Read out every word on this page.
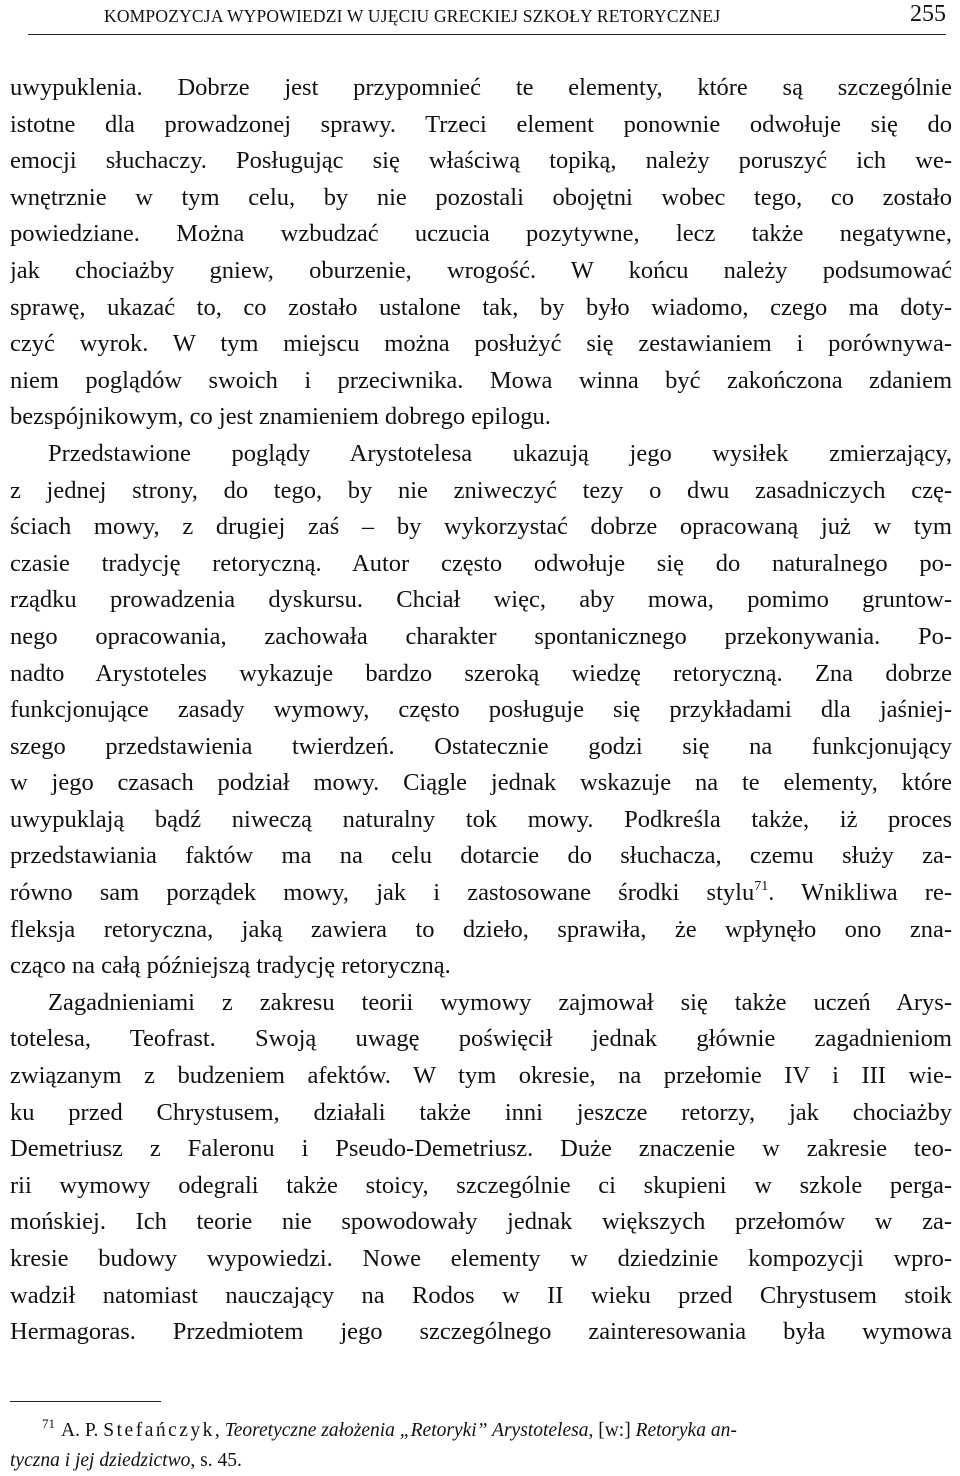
KOMPOZYCJA WYPOWIEDZI W UJĘCIU GRECKIEJ SZKOŁY RETORYCZNEJ	255
uwypuklenia. Dobrze jest przypomnieć te elementy, które są szczególnie
istotne dla prowadzonej sprawy. Trzeci element ponownie odwołuje się do
emocji słuchaczy. Posługując się właściwą topiką, należy poruszyć ich we-
wnętrznie w tym celu, by nie pozostali obojętni wobec tego, co zostało
powiedziane. Można wzbudzać uczucia pozytywne, lecz także negatywne,
jak chociażby gniew, oburzenie, wrogość. W końcu należy podsumować
sprawę, ukazać to, co zostało ustalone tak, by było wiadomo, czego ma doty-
czyć wyrok. W tym miejscu można posłużyć się zestawianiem i porównywa-
niem poglądów swoich i przeciwnika. Mowa winna być zakończona zdaniem
bezspójnikowym, co jest znamieniem dobrego epilogu.
Przedstawione poglądy Arystotelesa ukazują jego wysiłek zmierzający,
z jednej strony, do tego, by nie zniweczyć tezy o dwu zasadniczych czę-
ściach mowy, z drugiej zaś – by wykorzystać dobrze opracowaną już w tym
czasie tradycję retoryczną. Autor często odwołuje się do naturalnego po-
rządku prowadzenia dyskursu. Chciał więc, aby mowa, pomimo gruntow-
nego opracowania, zachowała charakter spontanicznego przekonywania. Po-
nadto Arystoteles wykazuje bardzo szeroką wiedzę retoryczną. Zna dobrze
funkcjonujące zasady wymowy, często posługuje się przykładami dla jaśniej-
szego przedstawienia twierdzeń. Ostatecznie godzi się na funkcjonujący
w jego czasach podział mowy. Ciągle jednak wskazuje na te elementy, które
uwypuklają bądź niweczą naturalny tok mowy. Podkreśla także, iż proces
przedstawiania faktów ma na celu dotarcie do słuchacza, czemu służy za-
równo sam porządek mowy, jak i zastosowane środki stylu$^{71}$. Wnikliwa re-
fleksja retoryczna, jaką zawiera to dzieło, sprawiła, że wpłynęło ono zna-
cząco na całą późniejszą tradycję retoryczną.
Zagadnieniami z zakresu teorii wymowy zajmował się także uczeń Arys-
totelesa, Teofrast. Swoją uwagę poświęcił jednak głównie zagadnieniom
związanym z budzeniem afektów. W tym okresie, na przełomie IV i III wie-
ku przed Chrystusem, działali także inni jeszcze retorzy, jak chociażby
Demetriusz z Faleronu i Pseudo-Demetriusz. Duże znaczenie w zakresie teo-
rii wymowy odegrali także stoicy, szczególnie ci skupieni w szkole perga-
mońskiej. Ich teorie nie spowodowały jednak większych przełomów w za-
kresie budowy wypowiedzi. Nowe elementy w dziedzinie kompozycji wpro-
wadził natomiast nauczający na Rodos w II wieku przed Chrystusem stoik
Hermagoras. Przedmiotem jego szczególnego zainteresowania była wymowa
$^{71}$ A. P. Stefańczyk, Teoretyczne założenia „Retoryki” Arystotelesa, [w:] Retoryka an-
tyczna i jej dziedzictwo, s. 45.
